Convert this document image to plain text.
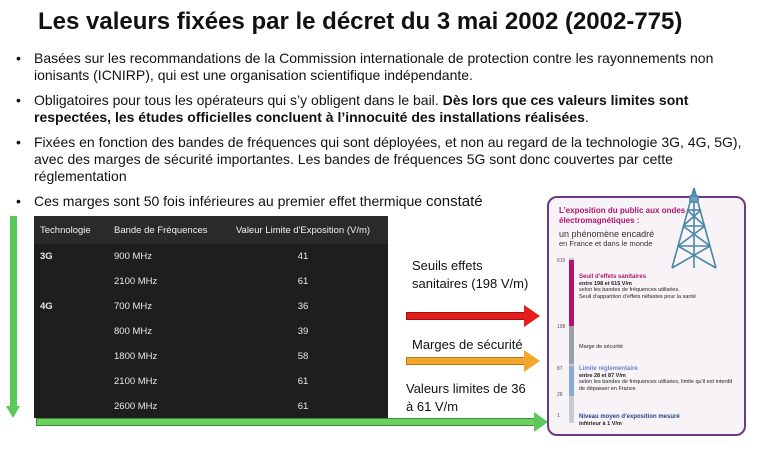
Les valeurs fixées par le décret du 3 mai 2002 (2002-775)
• Basées sur les recommandations de la Commission internationale de protection contre les rayonnements non ionisants (ICNIRP), qui est une organisation scientifique indépendante.
• Obligatoires pour tous les opérateurs qui s’y obligent dans le bail. Dès lors que ces valeurs limites sont respectées, les études officielles concluent à l’innocuité des installations réalisées.
• Fixées en fonction des bandes de fréquences qui sont déployées, et non au regard de la technologie 3G, 4G, 5G), avec des marges de sécurité importantes. Les bandes de fréquences 5G sont donc couvertes par cette réglementation
• Ces marges sont 50 fois inférieures au premier effet thermique constaté
Technologie	Bande de Fréquences	Valeur Limite d'Exposition (V/m)
3G	900 MHz	41
	2100 MHz	61
4G	700 MHz	36
	800 MHz	39
	1800 MHz	58
	2100 MHz	61
	2600 MHz	61
Seuils effets sanitaires (198 V/m)
Marges de sécurité
Valeurs limites de 36 à 61 V/m
L’exposition du public aux ondes électromagnétiques :
un phénomène encadré
en France et dans le monde
615
198
87
28
1
Seuil d’effets sanitaires
entre 198 et 615 V/m
selon les bandes de fréquences utilisées.
Seuil d’apparition d’effets néfastes pour la santé
Marge de sécurité
Limite réglementaire
entre 28 et 87 V/m
selon les bandes de fréquences utilisées, limite qu’il est interdit de dépasser en France
Niveau moyen d’exposition mesuré
inférieur à 1 V/m
